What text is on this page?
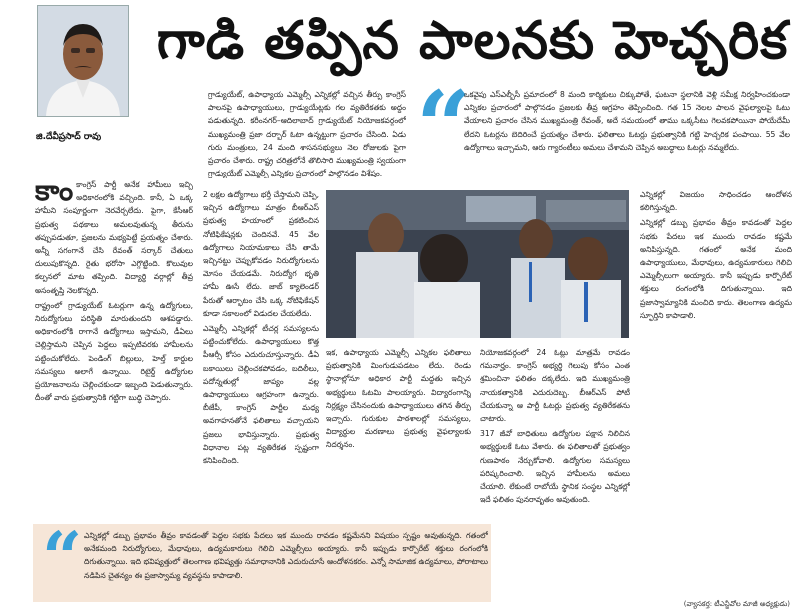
గాడి తప్పిన పాలనకు హెచ్చరిక
జి.దేవీప్రసాద్ రావు

గ్రాడ్యుయేట్, ఉపాధ్యాయ ఎమ్మెల్సీ ఎన్నికల్లో వచ్చిన తీర్పు కాంగ్రెస్ పాలనపై ఉపాధ్యాయులు, గ్రాడ్యుయేట్లకు గల వ్యతిరేకతకు అద్దం పడుతున్నది. కరీంనగర్–ఆదిలాబాద్ గ్రాడ్యుయేట్ నియోజకవర్గంలో ముఖ్యమంత్రి ప్రజా దర్బార్ ఓటా ఉన్నట్టుగా ప్రచారం చేసింది. ఏడు గురు మంత్రులు, 24 మంది శాసనసభ్యులు నెల రోజులకు పైగా ప్రచారం చేశారు. రాష్ట్ర చరిత్రలోనే తొలిసారి ముఖ్యమంత్రి స్వయంగా గ్రాడ్యుయేట్ ఎమ్మెల్సీ ఎన్నికల ప్రచారంలో పాల్గొనడం విశేషం. “

ఒకవైపు ఎస్ఎల్బీసీ ప్రమాదంలో 8 మంది కార్మికులు చిక్కుపోతే, ఘటనా స్థలానికి వెళ్లి సమీక్ష నిర్వహించకుండా ఎన్నికల ప్రచారంలో పాల్గొనడం ప్రజలకు తీవ్ర ఆగ్రహం తెప్పించింది. గత 15 నెలల పాలన వైఫల్యాలపై ఓటు వేయాలని ప్రచారం చేసిన ముఖ్యమంత్రి రేవంత్, అదే సమయంలో తాము ఒక్కసీటు గెలవకపోయినా పోయేదేమీ లేదని ఓటర్లను బెదిరించే ప్రయత్నం చేశారు. ఫలితాలు ఓటర్లు ప్రభుత్వానికి గట్టి హెచ్చరిక పంపాయి. 55 వేల ఉద్యోగాలు ఇచ్చామని, ఆరు గ్యారంటీలు అమలు చేశామని చెప్పిన అబద్ధాలు ఓటర్లు నమ్మలేదు.

కాంకాంగ్రెస్ పార్టీ అనేక హామీలు ఇచ్చి అధికారంలోకి వచ్చింది. కానీ, ఏ ఒక్క హామీని సంపూర్ణంగా నెరవేర్చలేదు. పైగా, కేసీఆర్ ప్రభుత్వ పథకాలు అమలవుతున్న తీరును తప్పుపడుతూ, ప్రజలను మభ్యపెట్టే ప్రయత్నం చేశారు. అన్నీ సగంగానే చేసి రేవంత్ సర్కార్ చేతులు దులుపుకొన్నది. రైతు భరోసా ఎగ్గొట్టింది. కొలువుల కల్పనలో మాట తప్పింది. విద్యార్థి వర్గాల్లో తీవ్ర అసంతృప్తి నెలకొన్నది.

రాష్ట్రంలో గ్రాడ్యుయేట్ ఓటర్లుగా ఉన్న ఉద్యోగులు, నిరుద్యోగులు పరిస్థితి మారుతుందని ఆశపడ్డారు. అధికారంలోకి రాగానే ఉద్యోగాలు ఇస్తామని, డీఏలు చెల్లిస్తామని చెప్పిన పెద్దలు ఇప్పటివరకు హామీలను పట్టించుకోలేదు. పెండింగ్ బిల్లులు, హెల్త్ కార్డుల సమస్యలు అలాగే ఉన్నాయి. రిటైర్డ్ ఉద్యోగుల ప్రయోజనాలను చెల్లించకుండా ఇబ్బంది పెడుతున్నారు. దీంతో వారు ప్రభుత్వానికి గట్టిగా బుద్ధి చెప్పారు.

2 లక్షల ఉద్యోగాలు భర్తీ చేస్తామని చెప్పి, ఇచ్చిన ఉద్యోగాలు మాత్రం బీఆర్ఎస్ ప్రభుత్వ హయాంలో ప్రకటించిన నోటిఫికేషన్లకు చెందినవే. 45 వేల ఉద్యోగాలు నియామకాలు చేసి తామే ఇచ్చినట్టు చెప్పుకోవడం నిరుద్యోగులను మోసం చేయడమే. నిరుద్యోగ భృతి హామీ ఊసే లేదు. జాబ్ క్యాలెండర్ పేరుతో ఆర్భాటం చేసి ఒక్క నోటిఫికేషన్ కూడా సకాలంలో విడుదల చేయలేదు.

ఎమ్మెల్సీ ఎన్నికల్లో టీచర్ల సమస్యలను పట్టించుకోలేదు. ఉపాధ్యాయులు కొత్త పీఆర్సీ కోసం ఎదురుచూస్తున్నారు. డీఏ బకాయిలు చెల్లించకపోవడం, బదిలీలు, పదోన్నతుల్లో జాప్యం వల్ల ఉపాధ్యాయులు ఆగ్రహంగా ఉన్నారు. బీజేపీ, కాంగ్రెస్ పార్టీల మధ్య అవగాహనతోనే ఫలితాలు వచ్చాయని ప్రజలు భావిస్తున్నారు. ప్రభుత్వ విధానాల పట్ల వ్యతిరేకత స్పష్టంగా కనిపించింది.

ఇక, ఉపాధ్యాయ ఎమ్మెల్సీ ఎన్నికల ఫలితాలు ప్రభుత్వానికి మింగుడుపడటం లేదు. రెండు స్థానాల్లోనూ అధికార పార్టీ మద్దతు ఇచ్చిన అభ్యర్థులు ఓటమి పాలయ్యారు. విద్యారంగాన్ని నిర్లక్ష్యం చేసినందుకు ఉపాధ్యాయులు తగిన తీర్పు ఇచ్చారు. గురుకుల పాఠశాలల్లో సమస్యలు, విద్యార్థుల మరణాలు ప్రభుత్వ వైఫల్యాలకు నిదర్శనం.

నియోజకవర్గంలో 24 ఓట్లు మాత్రమే రావడం గమనార్హం. కాంగ్రెస్ అభ్యర్థి గెలుపు కోసం ఎంత శ్రమించినా ఫలితం దక్కలేదు. ఇది ముఖ్యమంత్రి నాయకత్వానికి ఎదురుదెబ్బ. బీఆర్ఎస్ పోటీ చేయకున్నా ఆ పార్టీ ఓటర్లు ప్రభుత్వ వ్యతిరేకతను చాటారు.

317 జీవో బాధితులు ఉద్యోగుల పక్షాన నిలిచిన అభ్యర్థులకే ఓటు వేశారు. ఈ ఫలితాలతో ప్రభుత్వం గుణపాఠం నేర్చుకోవాలి. ఉద్యోగుల సమస్యలు పరిష్కరించాలి. ఇచ్చిన హామీలను అమలు చేయాలి. లేకుంటే రాబోయే స్థానిక సంస్థల ఎన్నికల్లో ఇదే ఫలితం పునరావృతం అవుతుంది.

ఎన్నికల్లో విజయం సాధించడం ఆందోళన కలిగిస్తున్నది.

ఎన్నికల్లో డబ్బు ప్రభావం తీవ్రం కావడంతో పెద్దల సభకు పేదలు ఇక ముందు రావడం కష్టమే అనిపిస్తున్నది. గతంలో అనేక మంది ఉపాధ్యాయులు, మేధావులు, ఉద్యమకారులు గెలిచి ఎమ్మెల్సీలుగా అయ్యారు. కానీ ఇప్పుడు కార్పొరేట్ శక్తులు రంగంలోకి దిగుతున్నాయి. ఇది ప్రజాస్వామ్యానికి మంచిది కాదు. తెలంగాణ ఉద్యమ స్ఫూర్తిని కాపాడాలి.

“ ఎన్నికల్లో డబ్బు ప్రభావం తీవ్రం కావడంతో పెద్దల సభకు పేదలు ఇక ముందు రావడం కష్టమేనని విషయం స్పష్టం అవుతున్నది. గతంలో అనేకమంది నిరుద్యోగులు, మేధావులు, ఉద్యమకారులు గెలిచి ఎమ్మెల్సీలు అయ్యారు. కానీ ఇప్పుడు కార్పొరేట్ శక్తులు రంగంలోకి దిగుతున్నాయి. ఇది భవిష్యత్తులో తెలంగాణ భవిష్యత్తు సమాధానానికి ఎదురుచూసే ఆందోళనకరం. ఎన్నో సామాజిక ఉద్యమాలు, పోరాటాలు నడిపిన చైతన్యం ఈ ప్రజాస్వామ్య వ్యవస్థను కాపాడాలి.
(వ్యాసకర్త: టీఎన్జీవోల మాజీ అధ్యక్షుడు)
